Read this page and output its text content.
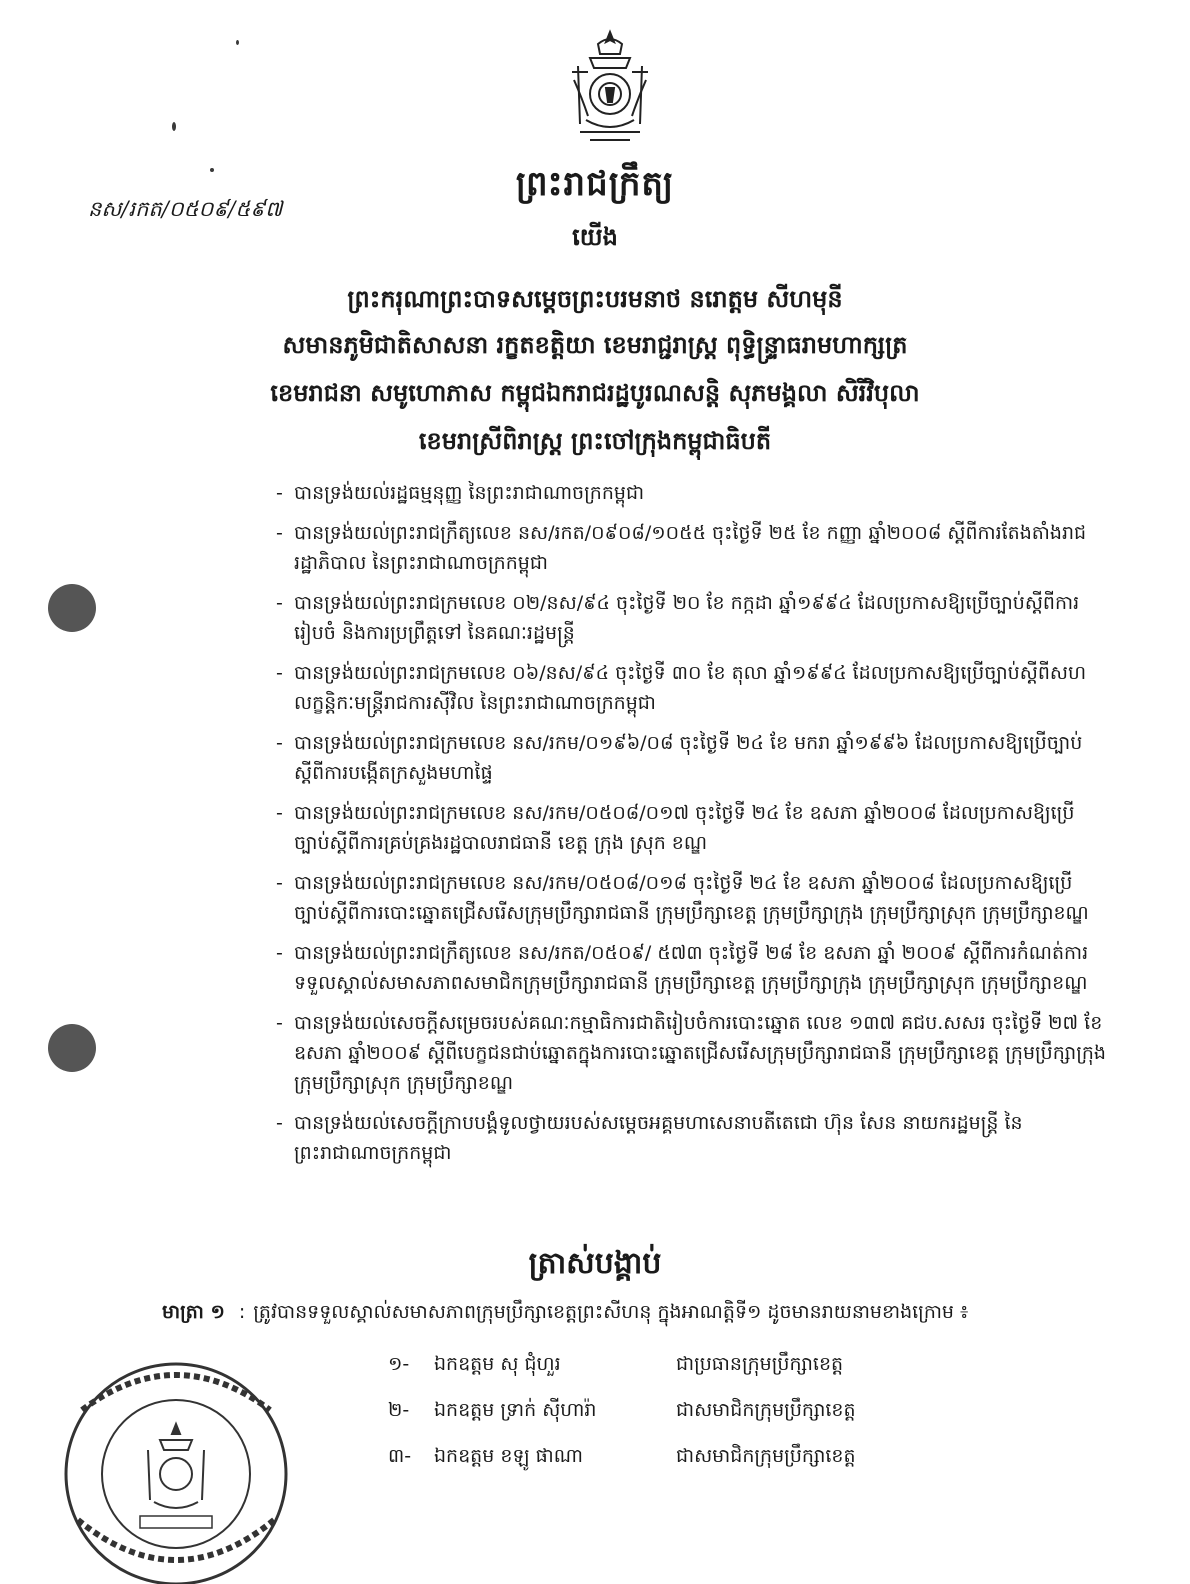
ព្រះរាជក្រឹត្យ
នស/រកត/០៥០៩/៥៩៧
យើង
ព្រះករុណាព្រះបាទសម្តេចព្រះបរមនាថ នរោត្តម សីហមុនី
សមានភូមិជាតិសាសនា រក្ខតខត្តិយា ខេមរាជ្ជរាស្ត្រ ពុទ្ធិន្ទ្រាធរាមហាក្សត្រ
ខេមរាជនា សមូហោភាស កម្ពុជឯករាជរដ្ឋបូរណសន្តិ សុភមង្គលា សិរីវិបុលា
ខេមរាស្រីពិរាស្ត្រ ព្រះចៅក្រុងកម្ពុជាធិបតី
- បានទ្រង់យល់រដ្ឋធម្មនុញ្ញ នៃព្រះរាជាណាចក្រកម្ពុជា
- បានទ្រង់យល់ព្រះរាជក្រឹត្យលេខ នស/រកត/០៩០៨/១០៥៥ ចុះថ្ងៃទី ២៥ ខែ កញ្ញា ឆ្នាំ២០០៨ ស្តីពីការតែងតាំងរាជរដ្ឋាភិបាល នៃព្រះរាជាណាចក្រកម្ពុជា
- បានទ្រង់យល់ព្រះរាជក្រមលេខ ០២/នស/៩៤ ចុះថ្ងៃទី ២០ ខែ កក្កដា ឆ្នាំ១៩៩៤ ដែលប្រកាសឱ្យប្រើច្បាប់ស្តីពីការរៀបចំ និងការប្រព្រឹត្តទៅ នៃគណៈរដ្ឋមន្ត្រី
- បានទ្រង់យល់ព្រះរាជក្រមលេខ ០៦/នស/៩៤ ចុះថ្ងៃទី ៣០ ខែ តុលា ឆ្នាំ១៩៩៤ ដែលប្រកាសឱ្យប្រើច្បាប់ស្តីពីសហលក្ខន្តិកៈមន្ត្រីរាជការស៊ីវិល នៃព្រះរាជាណាចក្រកម្ពុជា
- បានទ្រង់យល់ព្រះរាជក្រមលេខ នស/រកម/០១៩៦/០៨ ចុះថ្ងៃទី ២៤ ខែ មករា ឆ្នាំ១៩៩៦ ដែលប្រកាសឱ្យប្រើច្បាប់ស្តីពីការបង្កើតក្រសួងមហាផ្ទៃ
- បានទ្រង់យល់ព្រះរាជក្រមលេខ នស/រកម/០៥០៨/០១៧ ចុះថ្ងៃទី ២៤ ខែ ឧសភា ឆ្នាំ២០០៨ ដែលប្រកាសឱ្យប្រើច្បាប់ស្តីពីការគ្រប់គ្រងរដ្ឋបាលរាជធានី ខេត្ត ក្រុង ស្រុក ខណ្ឌ
- បានទ្រង់យល់ព្រះរាជក្រមលេខ នស/រកម/០៥០៨/០១៨ ចុះថ្ងៃទី ២៤ ខែ ឧសភា ឆ្នាំ២០០៨ ដែលប្រកាសឱ្យប្រើច្បាប់ស្តីពីការបោះឆ្នោតជ្រើសរើសក្រុមប្រឹក្សារាជធានី ក្រុមប្រឹក្សាខេត្ត ក្រុមប្រឹក្សាក្រុង ក្រុមប្រឹក្សាស្រុក ក្រុមប្រឹក្សាខណ្ឌ
- បានទ្រង់យល់ព្រះរាជក្រឹត្យលេខ នស/រកត/០៥០៩/ ៥៧៣ ចុះថ្ងៃទី ២៨ ខែ ឧសភា ឆ្នាំ ២០០៩ ស្តីពីការកំណត់ការទទួលស្គាល់សមាសភាពសមាជិកក្រុមប្រឹក្សារាជធានី ក្រុមប្រឹក្សាខេត្ត ក្រុមប្រឹក្សាក្រុង ក្រុមប្រឹក្សាស្រុក ក្រុមប្រឹក្សាខណ្ឌ
- បានទ្រង់យល់សេចក្តីសម្រេចរបស់គណៈកម្មាធិការជាតិរៀបចំការបោះឆ្នោត លេខ ១៣៧ គជប.សសរ ចុះថ្ងៃទី ២៧ ខែ ឧសភា ឆ្នាំ២០០៩ ស្តីពីបេក្ខជនជាប់ឆ្នោតក្នុងការបោះឆ្នោតជ្រើសរើសក្រុមប្រឹក្សារាជធានី ក្រុមប្រឹក្សាខេត្ត ក្រុមប្រឹក្សាក្រុង ក្រុមប្រឹក្សាស្រុក ក្រុមប្រឹក្សាខណ្ឌ
- បានទ្រង់យល់សេចក្តីក្រាបបង្គំទូលថ្វាយរបស់សម្តេចអគ្គមហាសេនាបតីតេជោ ហ៊ុន សែន នាយករដ្ឋមន្ត្រី នៃព្រះរាជាណាចក្រកម្ពុជា
ត្រាស់បង្គាប់
មាត្រា ១ : ត្រូវបានទទួលស្គាល់សមាសភាពក្រុមប្រឹក្សាខេត្តព្រះសីហនុ ក្នុងអាណត្តិទី១ ដូចមានរាយនាមខាងក្រោម ៖
១- ឯកឧត្តម សុ ជុំហួរ	ជាប្រធានក្រុមប្រឹក្សាខេត្ត
២- ឯកឧត្តម ទ្រាក់ ស៊ីហារ៉ា	ជាសមាជិកក្រុមប្រឹក្សាខេត្ត
៣- ឯកឧត្តម ខឡូ ផាណា	ជាសមាជិកក្រុមប្រឹក្សាខេត្ត
